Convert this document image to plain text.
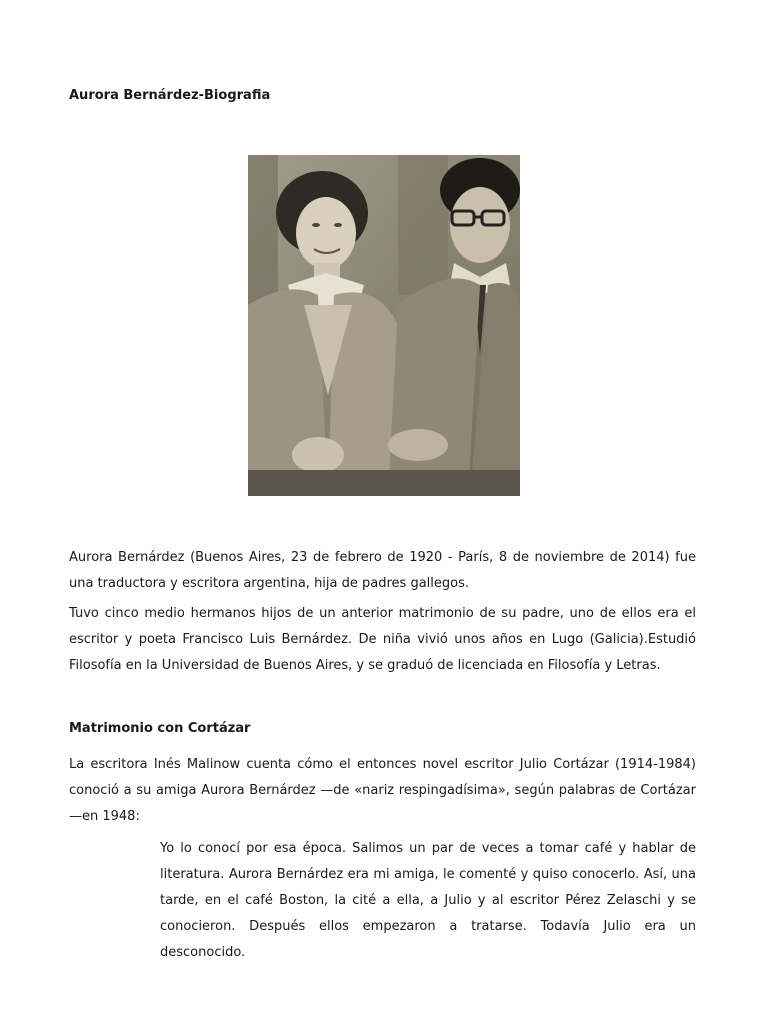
Aurora Bernárdez-Biografia

Aurora Bernárdez (Buenos Aires, 23 de febrero de 1920 - París, 8 de noviembre de 2014) fue una traductora y escritora argentina, hija de padres gallegos.

Tuvo cinco medio hermanos hijos de un anterior matrimonio de su padre, uno de ellos era el escritor y poeta Francisco Luis Bernárdez. De niña vivió unos años en Lugo (Galicia).Estudió Filosofía en la Universidad de Buenos Aires, y se graduó de licenciada en Filosofía y Letras.

Matrimonio con Cortázar

La escritora Inés Malinow cuenta cómo el entonces novel escritor Julio Cortázar (1914-1984) conoció a su amiga Aurora Bernárdez —de «nariz respingadísima», según palabras de Cortázar—en 1948:

Yo lo conocí por esa época. Salimos un par de veces a tomar café y hablar de literatura. Aurora Bernárdez era mi amiga, le comenté y quiso conocerlo. Así, una tarde, en el café Boston, la cité a ella, a Julio y al escritor Pérez Zelaschi y se conocieron. Después ellos empezaron a tratarse. Todavía Julio era un desconocido.
